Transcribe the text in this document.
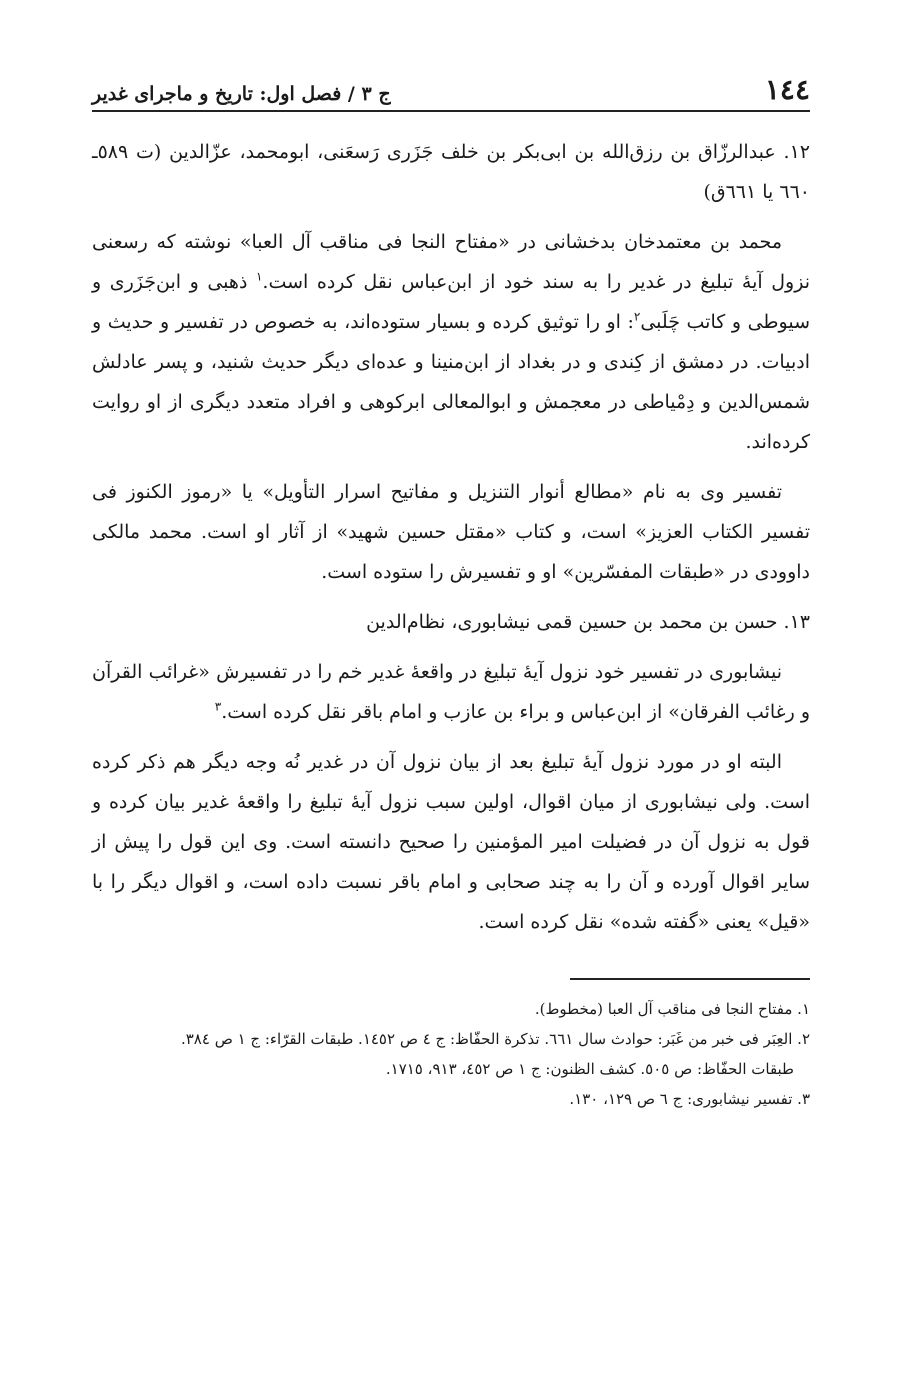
١٤٤
ج ٣ / فصل اول: تاریخ و ماجرای غدیر

١٢. عبدالرزّاق بن رزق‌الله بن ابی‌بکر بن خلف جَزَری رَسعَنی، ابومحمد، عزّالدین (ت ٥٨٩ـ ٦٦٠ یا ٦٦١ق)

محمد بن معتمدخان بدخشانی در «مفتاح النجا فی مناقب آل العبا» نوشته که رسعنی نزول آیهٔ تبلیغ در غدیر را به سند خود از ابن‌عباس نقل کرده است.$^١$ ذهبی و ابن‌جَزَری و سیوطی و کاتب چَلَبی$^٢$: او را توثیق کرده و بسیار ستوده‌اند، به خصوص در تفسیر و حدیث و ادبیات. در دمشق از کِندی و در بغداد از ابن‌منینا و عده‌ای دیگر حدیث شنید، و پسر عادلش شمس‌الدین و دِمْیاطی در معجمش و ابوالمعالی ابرکوهی و افراد متعدد دیگری از او روایت کرده‌اند.

تفسیر وی به نام «مطالع أنوار التنزیل و مفاتیح اسرار التأویل» یا «رموز الکنوز فی تفسیر الکتاب العزیز» است، و کتاب «مقتل حسین شهید» از آثار او است. محمد مالکی داوودی در «طبقات المفسّرین» او و تفسیرش را ستوده است.

١٣. حسن بن محمد بن حسین قمی نیشابوری، نظام‌الدین

نیشابوری در تفسیر خود نزول آیهٔ تبلیغ در واقعهٔ غدیر خم را در تفسیرش «غرائب القرآن و رغائب الفرقان» از ابن‌عباس و براء بن عازب و امام باقر نقل کرده است.$^٣$

البته او در مورد نزول آیهٔ تبلیغ بعد از بیان نزول آن در غدیر نُه وجه دیگر هم ذکر کرده است. ولی نیشابوری از میان اقوال، اولین سبب نزول آیهٔ تبلیغ را واقعهٔ غدیر بیان کرده و قول به نزول آن در فضیلت امیر المؤمنین را صحیح دانسته است. وی این قول را پیش از سایر اقوال آورده و آن را به چند صحابی و امام باقر نسبت داده است، و اقوال دیگر را با «قیل» یعنی «گفته شده» نقل کرده است.

١. مفتاح النجا فی مناقب آل العبا (مخطوط).

٢. العِبَر فی خبر من غَبَر: حوادث سال ٦٦١. تذکرة الحفّاظ: ج ٤ ص ١٤٥٢. طبقات القرّاء: ج ١ ص ٣٨٤.

طبقات الحفّاظ: ص ٥٠٥. کشف الظنون: ج ١ ص ٤٥٢، ٩١٣، ١٧١٥.

٣. تفسیر نیشابوری: ج ٦ ص ١٢٩، ١٣٠.
